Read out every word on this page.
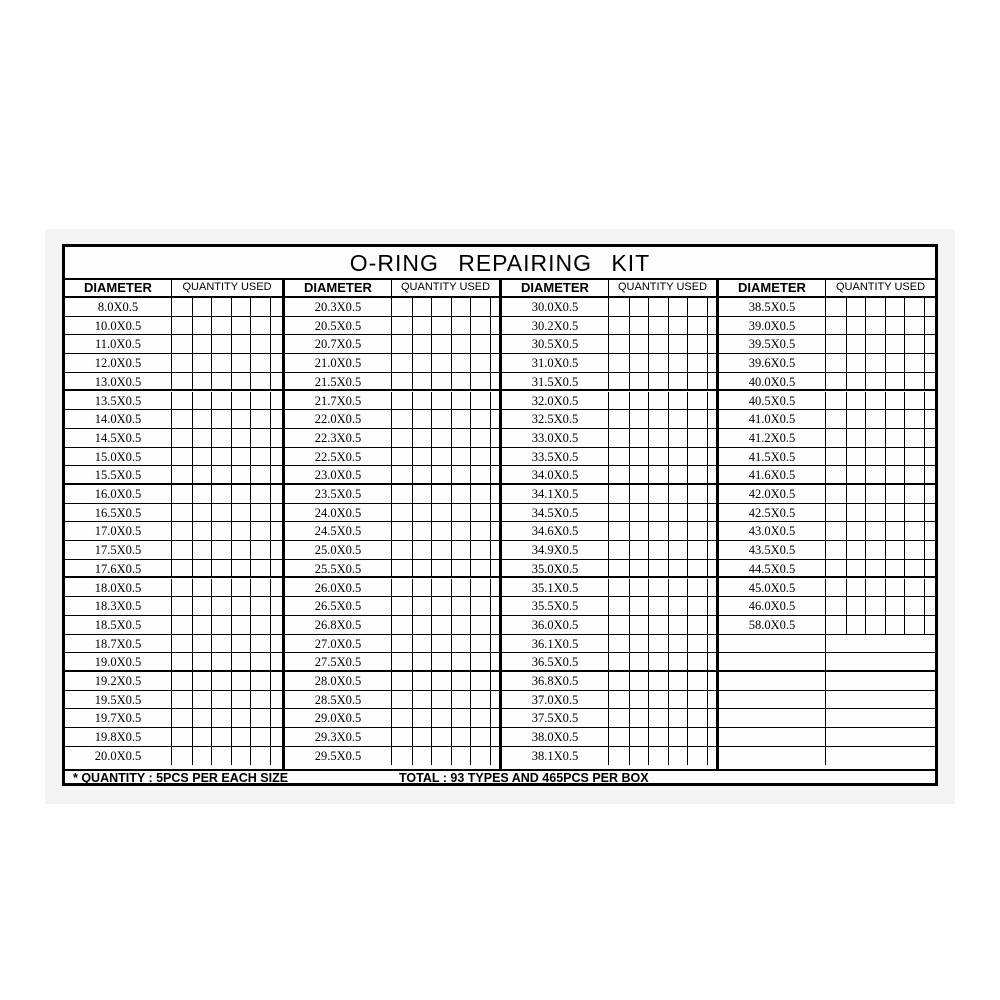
O-RING REPAIRING KIT
DIAMETER	QUANTITY USED
8.0X0.5
10.0X0.5
11.0X0.5
12.0X0.5
13.0X0.5
13.5X0.5
14.0X0.5
14.5X0.5
15.0X0.5
15.5X0.5
16.0X0.5
16.5X0.5
17.0X0.5
17.5X0.5
17.6X0.5
18.0X0.5
18.3X0.5
18.5X0.5
18.7X0.5
19.0X0.5
19.2X0.5
19.5X0.5
19.7X0.5
19.8X0.5
20.0X0.5
DIAMETER	QUANTITY USED
20.3X0.5
20.5X0.5
20.7X0.5
21.0X0.5
21.5X0.5
21.7X0.5
22.0X0.5
22.3X0.5
22.5X0.5
23.0X0.5
23.5X0.5
24.0X0.5
24.5X0.5
25.0X0.5
25.5X0.5
26.0X0.5
26.5X0.5
26.8X0.5
27.0X0.5
27.5X0.5
28.0X0.5
28.5X0.5
29.0X0.5
29.3X0.5
29.5X0.5
DIAMETER	QUANTITY USED
30.0X0.5
30.2X0.5
30.5X0.5
31.0X0.5
31.5X0.5
32.0X0.5
32.5X0.5
33.0X0.5
33.5X0.5
34.0X0.5
34.1X0.5
34.5X0.5
34.6X0.5
34.9X0.5
35.0X0.5
35.1X0.5
35.5X0.5
36.0X0.5
36.1X0.5
36.5X0.5
36.8X0.5
37.0X0.5
37.5X0.5
38.0X0.5
38.1X0.5
DIAMETER	QUANTITY USED
38.5X0.5
39.0X0.5
39.5X0.5
39.6X0.5
40.0X0.5
40.5X0.5
41.0X0.5
41.2X0.5
41.5X0.5
41.6X0.5
42.0X0.5
42.5X0.5
43.0X0.5
43.5X0.5
44.5X0.5
45.0X0.5
46.0X0.5
58.0X0.5
* QUANTITY : 5PCS PER EACH SIZE	TOTAL : 93 TYPES AND 465PCS PER BOX
